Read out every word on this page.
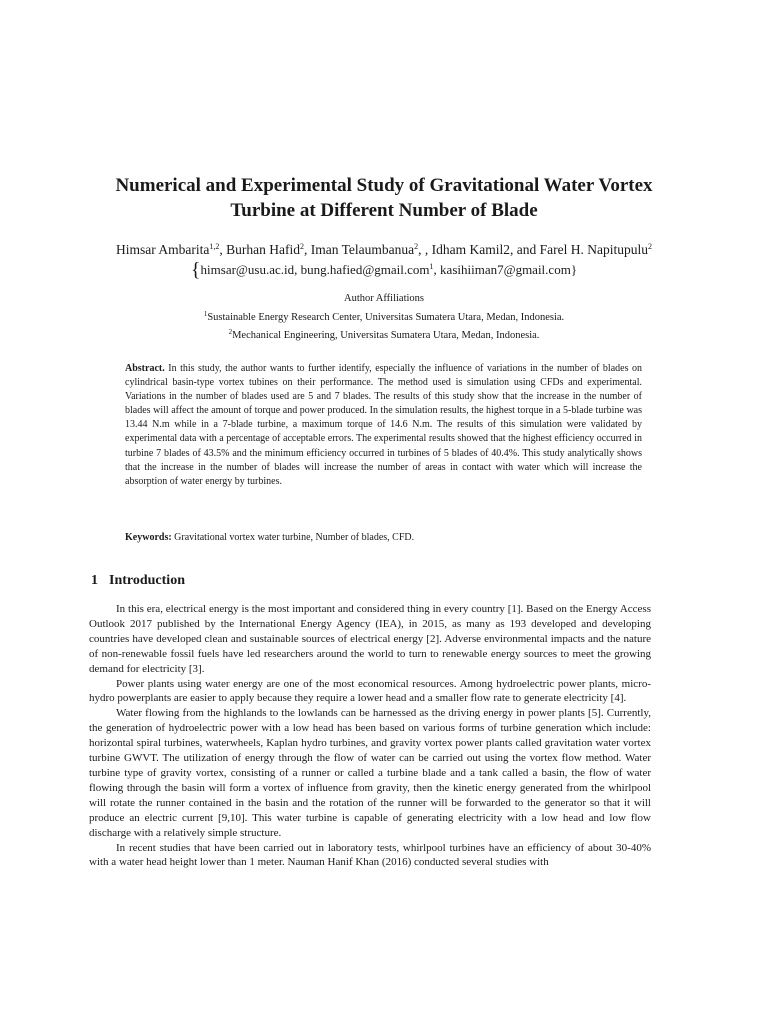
Numerical and Experimental Study of Gravitational Water Vortex
Turbine at Different Number of Blade
Himsar Ambarita$^{1,2}$, Burhan Hafid$^2$, Iman Telaumbanua$^2$, , Idham Kamil2, and Farel H. Napitupulu$^2$
{himsar@usu.ac.id, bung.hafied@gmail.com$^1$, kasihiiman7@gmail.com}
Author Affiliations
$^1$Sustainable Energy Research Center, Universitas Sumatera Utara, Medan, Indonesia.
$^2$Mechanical Engineering, Universitas Sumatera Utara, Medan, Indonesia.
Abstract. In this study, the author wants to further identify, especially the influence of variations in the number of blades on cylindrical basin-type vortex tubines on their performance. The method used is simulation using CFDs and experimental. Variations in the number of blades used are 5 and 7 blades. The results of this study show that the increase in the number of blades will affect the amount of torque and power produced. In the simulation results, the highest torque in a 5-blade turbine was 13.44 N.m while in a 7-blade turbine, a maximum torque of 14.6 N.m. The results of this simulation were validated by experimental data with a percentage of acceptable errors. The experimental results showed that the highest efficiency occurred in turbine 7 blades of 43.5% and the minimum efficiency occurred in turbines of 5 blades of 40.4%. This study analytically shows that the increase in the number of blades will increase the number of areas in contact with water which will increase the absorption of water energy by turbines.
Keywords: Gravitational vortex water turbine, Number of blades, CFD.
1 Introduction

In this era, electrical energy is the most important and considered thing in every country [1]. Based on the Energy Access Outlook 2017 published by the International Energy Agency (IEA), in 2015, as many as 193 developed and developing countries have developed clean and sustainable sources of electrical energy [2]. Adverse environmental impacts and the nature of non-renewable fossil fuels have led researchers around the world to turn to renewable energy sources to meet the growing demand for electricity [3].

Power plants using water energy are one of the most economical resources. Among hydroelectric power plants, micro-hydro powerplants are easier to apply because they require a lower head and a smaller flow rate to generate electricity [4].

Water flowing from the highlands to the lowlands can be harnessed as the driving energy in power plants [5]. Currently, the generation of hydroelectric power with a low head has been based on various forms of turbine generation which include: horizontal spiral turbines, waterwheels, Kaplan hydro turbines, and gravity vortex power plants called gravitation water vortex turbine GWVT. The utilization of energy through the flow of water can be carried out using the vortex flow method. Water turbine type of gravity vortex, consisting of a runner or called a turbine blade and a tank called a basin, the flow of water flowing through the basin will form a vortex of influence from gravity, then the kinetic energy generated from the whirlpool will rotate the runner contained in the basin and the rotation of the runner will be forwarded to the generator so that it will produce an electric current [9,10]. This water turbine is capable of generating electricity with a low head and low flow discharge with a relatively simple structure.

In recent studies that have been carried out in laboratory tests, whirlpool turbines have an efficiency of about 30-40% with a water head height lower than 1 meter. Nauman Hanif Khan (2016) conducted several studies with
